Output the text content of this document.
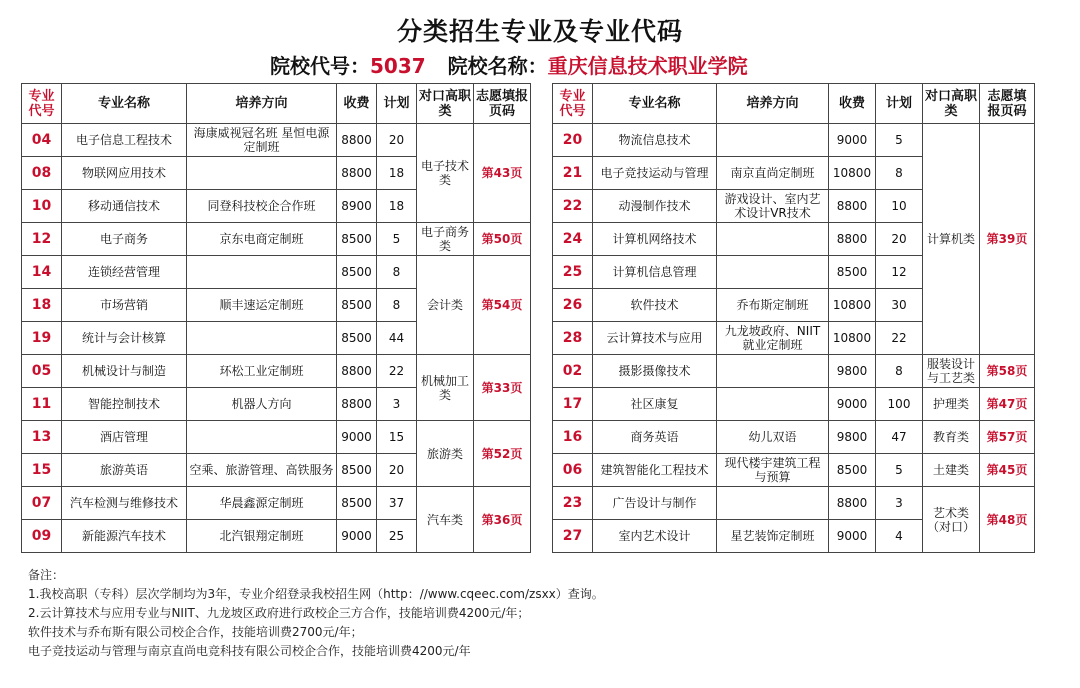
分类招生专业及专业代码
院校代号：5037 院校名称：重庆信息技术职业学院
专业代号	专业名称	培养方向	收费	计划	对口高职类	志愿填报页码
04	电子信息工程技术	海康威视冠名班 星恒电源定制班	8800	20	电子技术类	第43页
08	物联网应用技术		8800	18		
10	移动通信技术	同登科技校企合作班	8900	18		
12	电子商务	京东电商定制班	8500	5	电子商务类	第50页
14	连锁经营管理		8500	8	会计类	第54页
18	市场营销	顺丰速运定制班	8500	8		
19	统计与会计核算		8500	44		
05	机械设计与制造	环松工业定制班	8800	22	机械加工类	第33页
11	智能控制技术	机器人方向	8800	3		
13	酒店管理		9000	15	旅游类	第52页
15	旅游英语	空乘、旅游管理、高铁服务	8500	20		
07	汽车检测与维修技术	华晨鑫源定制班	8500	37	汽车类	第36页
09	新能源汽车技术	北汽银翔定制班	9000	25		
专业代号	专业名称	培养方向	收费	计划	对口高职类	志愿填报页码
20	物流信息技术		9000	5	计算机类	第39页
21	电子竞技运动与管理	南京直尚定制班	10800	8		
22	动漫制作技术	游戏设计、室内艺术设计VR技术	8800	10		
24	计算机网络技术		8800	20		
25	计算机信息管理		8500	12		
26	软件技术	乔布斯定制班	10800	30		
28	云计算技术与应用	九龙坡政府、NIIT就业定制班	10800	22		
02	摄影摄像技术		9800	8	服装设计与工艺类	第58页
17	社区康复		9000	100	护理类	第47页
16	商务英语	幼儿双语	9800	47	教育类	第57页
06	建筑智能化工程技术	现代楼宇建筑工程与预算	8500	5	土建类	第45页
23	广告设计与制作		8800	3	艺术类（对口）	第48页
27	室内艺术设计	星艺装饰定制班	9000	4		
备注：
1.我校高职（专科）层次学制均为3年，专业介绍登录我校招生网（http：//www.cqeec.com/zsxx）查询。
2.云计算技术与应用专业与NIIT、九龙坡区政府进行政校企三方合作，技能培训费4200元/年；
软件技术与乔布斯有限公司校企合作，技能培训费2700元/年；
电子竞技运动与管理与南京直尚电竞科技有限公司校企合作，技能培训费4200元/年
